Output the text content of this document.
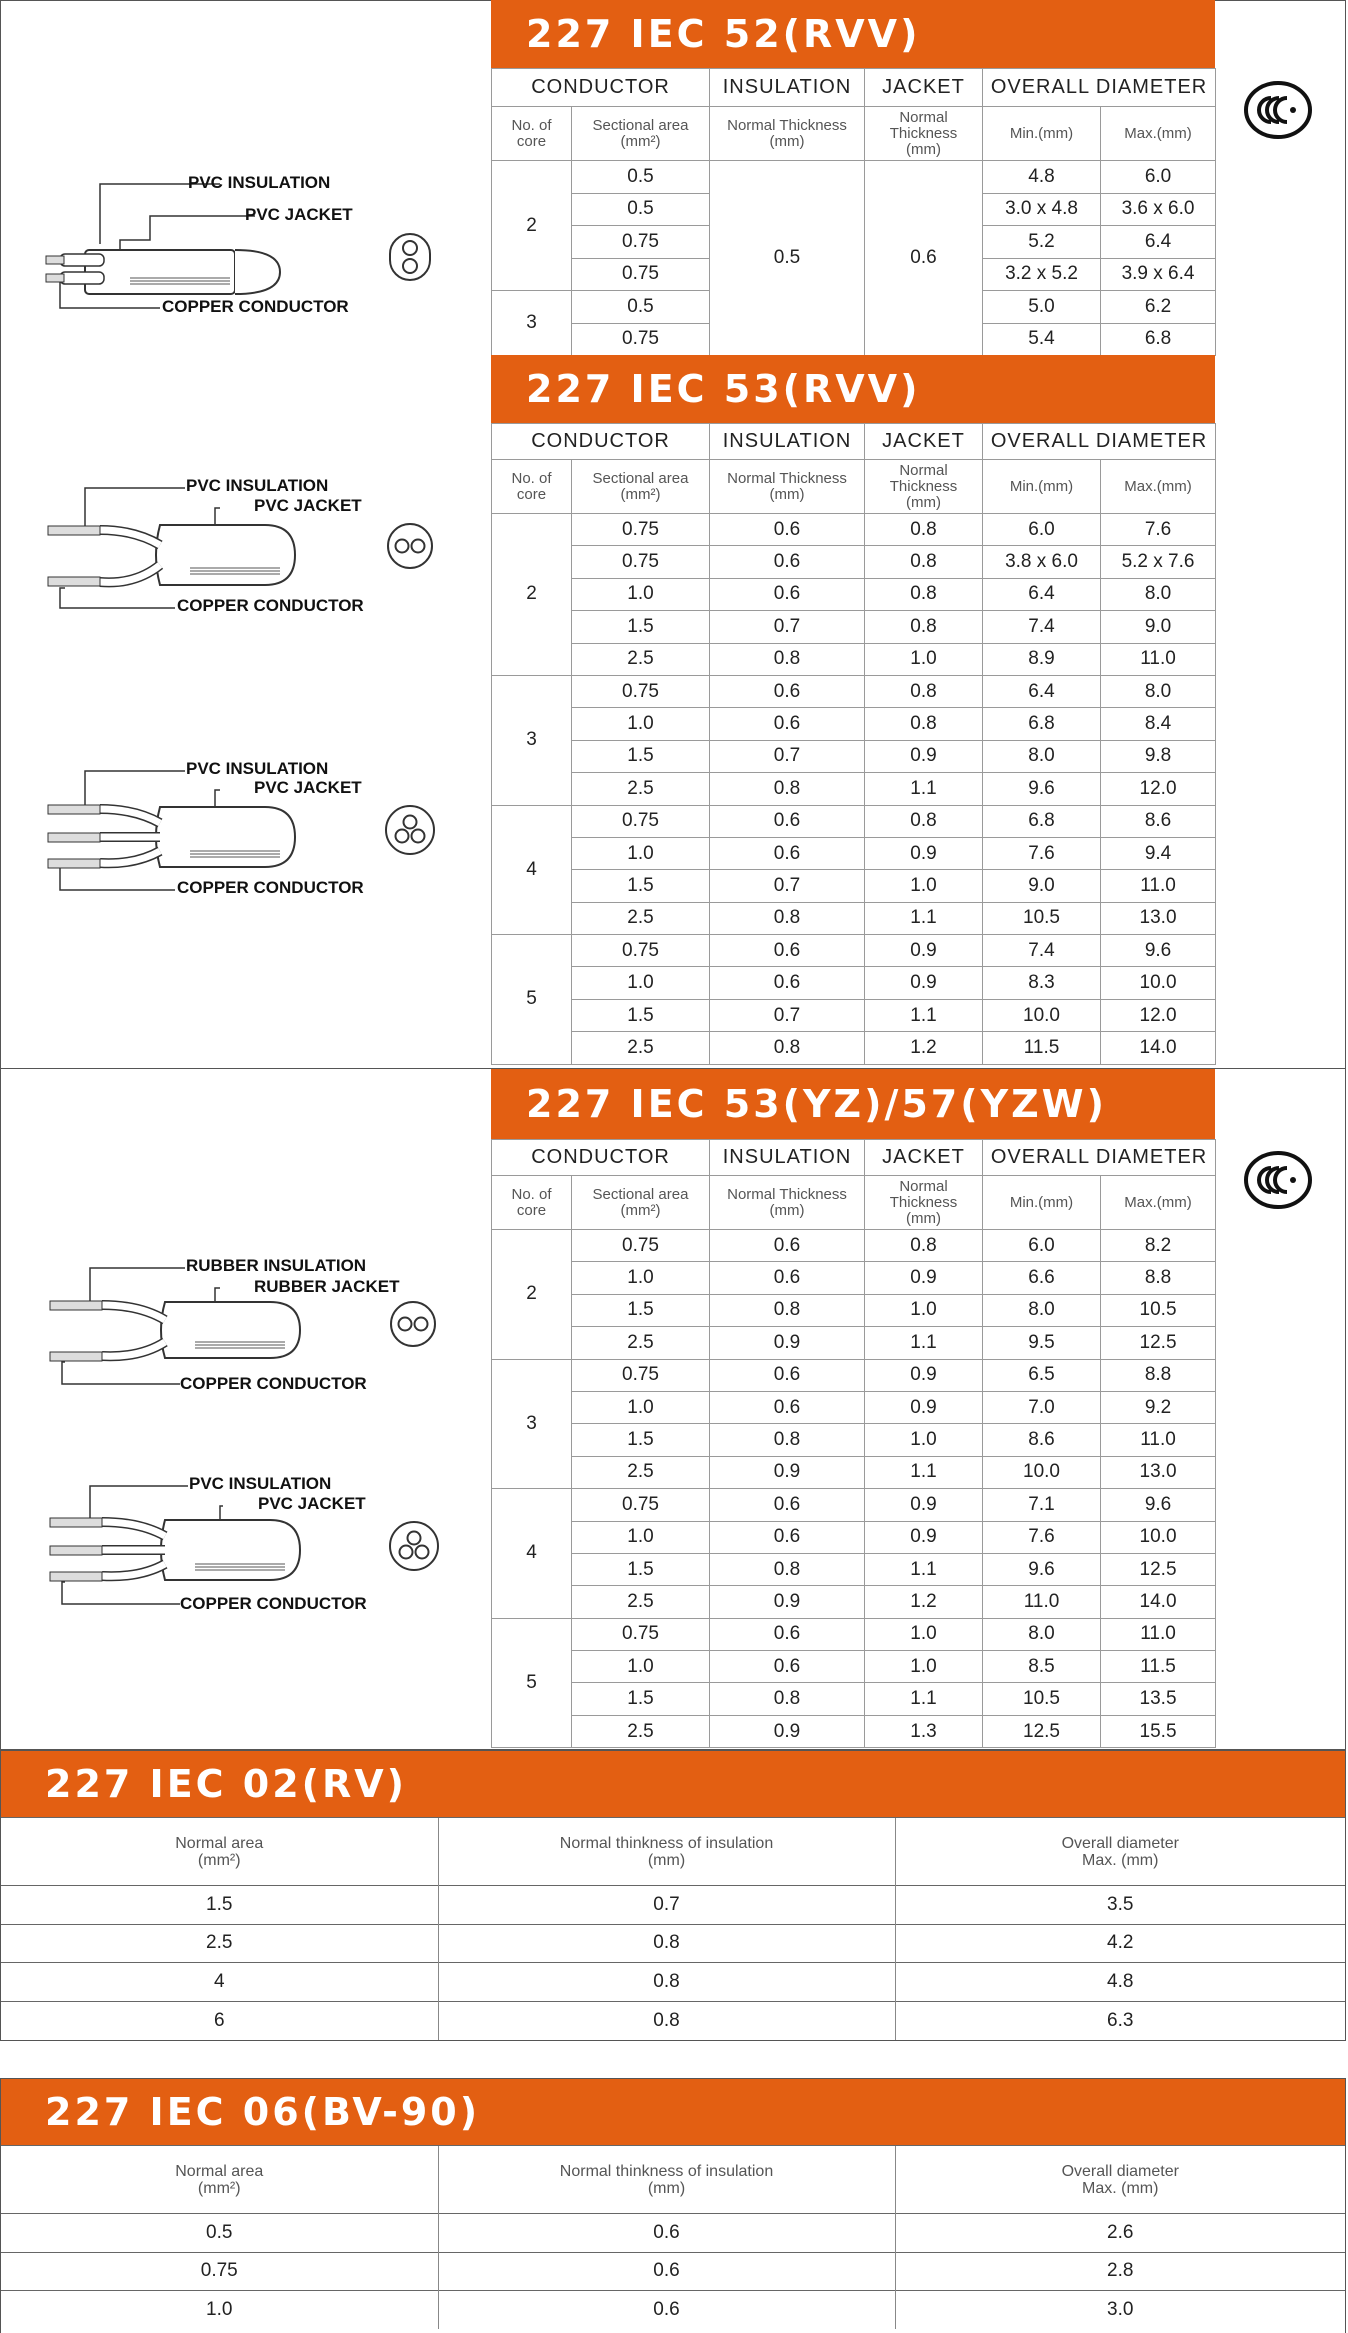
227 IEC 52(RVV)
CONDUCTOR		INSULATION	JACKET	OVERALL DIAMETER	
No. of
core	Sectional area
(mm²)	Normal Thickness
(mm)	Normal
Thickness
(mm)	Min.(mm)	Max.(mm)
2	0.5	0.5	0.6	4.8	6.0
	0.5			3.0 x 4.8	3.6 x 6.0
	0.75			5.2	6.4
	0.75			3.2 x 5.2	3.9 x 6.4
3	0.5			5.0	6.2
	0.75			5.4	6.8
227 IEC 53(RVV)
CONDUCTOR		INSULATION	JACKET	OVERALL DIAMETER	
No. of
core	Sectional area
(mm²)	Normal Thickness
(mm)	Normal
Thickness
(mm)	Min.(mm)	Max.(mm)
2	0.75	0.6	0.8	6.0	7.6
	0.75	0.6	0.8	3.8 x 6.0	5.2 x 7.6
	1.0	0.6	0.8	6.4	8.0
	1.5	0.7	0.8	7.4	9.0
	2.5	0.8	1.0	8.9	11.0
3	0.75	0.6	0.8	6.4	8.0
	1.0	0.6	0.8	6.8	8.4
	1.5	0.7	0.9	8.0	9.8
	2.5	0.8	1.1	9.6	12.0
4	0.75	0.6	0.8	6.8	8.6
	1.0	0.6	0.9	7.6	9.4
	1.5	0.7	1.0	9.0	11.0
	2.5	0.8	1.1	10.5	13.0
5	0.75	0.6	0.9	7.4	9.6
	1.0	0.6	0.9	8.3	10.0
	1.5	0.7	1.1	10.0	12.0
	2.5	0.8	1.2	11.5	14.0
PVC INSULATION
PVC JACKET
COPPER CONDUCTOR
PVC INSULATION
PVC JACKET
COPPER CONDUCTOR
PVC INSULATION
PVC JACKET
COPPER CONDUCTOR
227 IEC 53(YZ)/57(YZW)
CONDUCTOR		INSULATION	JACKET	OVERALL DIAMETER	
No. of
core	Sectional area
(mm²)	Normal Thickness
(mm)	Normal
Thickness
(mm)	Min.(mm)	Max.(mm)
2	0.75	0.6	0.8	6.0	8.2
	1.0	0.6	0.9	6.6	8.8
	1.5	0.8	1.0	8.0	10.5
	2.5	0.9	1.1	9.5	12.5
3	0.75	0.6	0.9	6.5	8.8
	1.0	0.6	0.9	7.0	9.2
	1.5	0.8	1.0	8.6	11.0
	2.5	0.9	1.1	10.0	13.0
4	0.75	0.6	0.9	7.1	9.6
	1.0	0.6	0.9	7.6	10.0
	1.5	0.8	1.1	9.6	12.5
	2.5	0.9	1.2	11.0	14.0
5	0.75	0.6	1.0	8.0	11.0
	1.0	0.6	1.0	8.5	11.5
	1.5	0.8	1.1	10.5	13.5
	2.5	0.9	1.3	12.5	15.5
RUBBER INSULATION
RUBBER JACKET
COPPER CONDUCTOR
PVC INSULATION
PVC JACKET
COPPER CONDUCTOR
227 IEC 02(RV)
Normal area
(mm²)	Normal thinkness of insulation
(mm)	Overall diameter
Max. (mm)
1.5	0.7	3.5
2.5	0.8	4.2
4	0.8	4.8
6	0.8	6.3
227 IEC 06(BV-90)
Normal area
(mm²)	Normal thinkness of insulation
(mm)	Overall diameter
Max. (mm)
0.5	0.6	2.6
0.75	0.6	2.8
1.0	0.6	3.0
